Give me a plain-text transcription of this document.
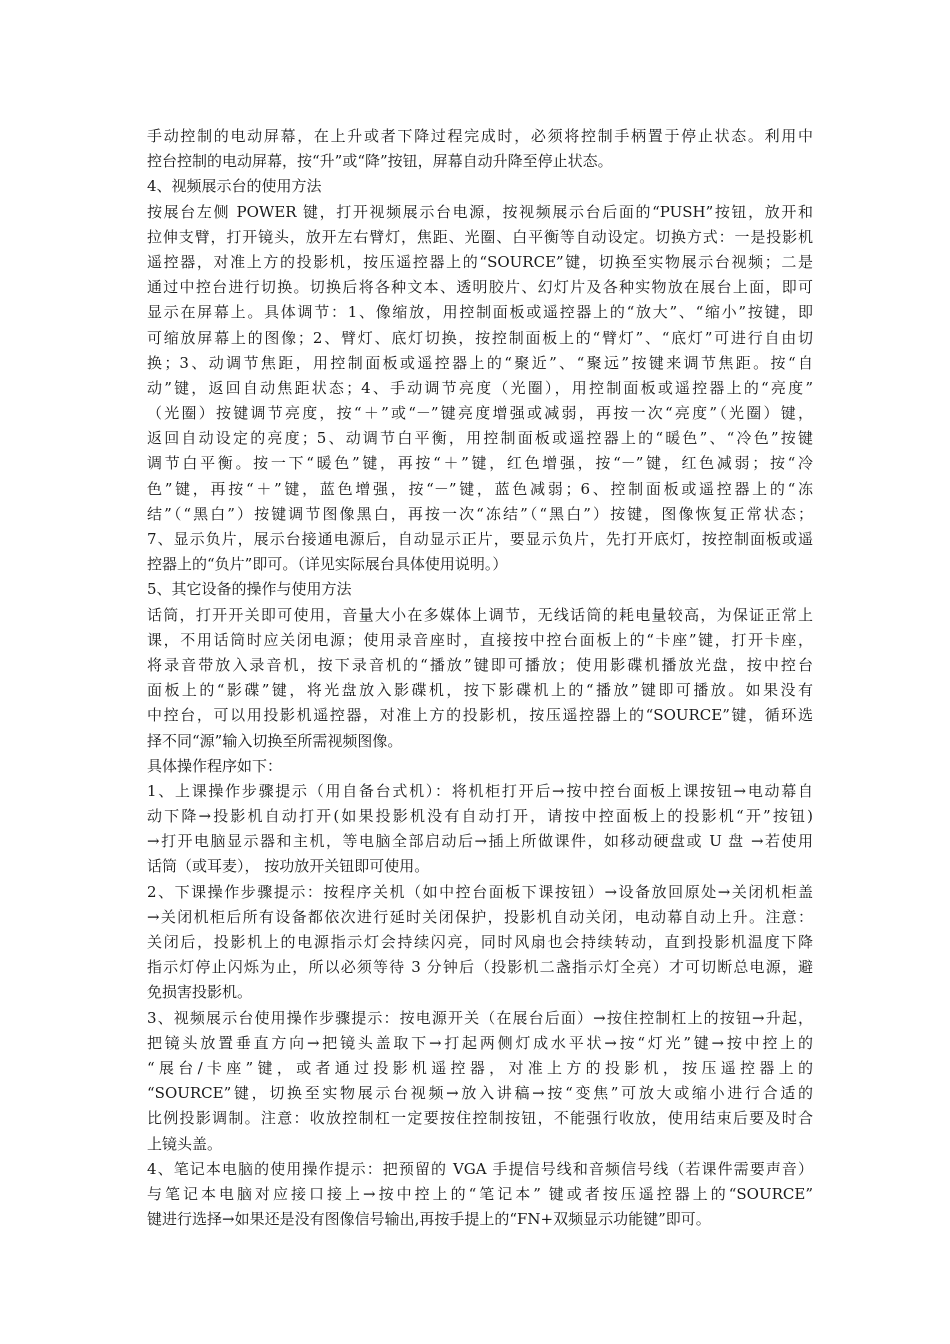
手动控制的电动屏幕，在上升或者下降过程完成时，必须将控制手柄置于停止状态。利用中
控台控制的电动屏幕，按“升”或“降”按钮，屏幕自动升降至停止状态。
4、视频展示台的使用方法
按展台左侧 POWER 键，打开视频展示台电源，按视频展示台后面的“PUSH”按钮，放开和
拉伸支臂，打开镜头，放开左右臂灯，焦距、光圈、白平衡等自动设定。切换方式：一是投影机
遥控器，对准上方的投影机，按压遥控器上的“SOURCE”键，切换至实物展示台视频；二是
通过中控台进行切换。切换后将各种文本、透明胶片、幻灯片及各种实物放在展台上面，即可
显示在屏幕上。具体调节：1、像缩放，用控制面板或遥控器上的“放大”、“缩小”按键，即
可缩放屏幕上的图像；2、臂灯、底灯切换，按控制面板上的“臂灯”、“底灯”可进行自由切
换；3、动调节焦距，用控制面板或遥控器上的“聚近”、“聚远”按键来调节焦距。按“自
动”键，返回自动焦距状态；4、手动调节亮度（光圈），用控制面板或遥控器上的“亮度”
（光圈）按键调节亮度，按“＋”或“－”键亮度增强或减弱，再按一次“亮度”（光圈）键，
返回自动设定的亮度；5、动调节白平衡，用控制面板或遥控器上的“暖色”、“冷色”按键
调节白平衡。按一下“暖色”键，再按“＋”键，红色增强，按“－”键，红色减弱；按“冷
色”键，再按“＋”键，蓝色增强，按“－”键，蓝色减弱；6、控制面板或遥控器上的“冻
结”（“黑白”）按键调节图像黑白，再按一次“冻结”（“黑白”）按键，图像恢复正常状态；
7、显示负片，展示台接通电源后，自动显示正片，要显示负片，先打开底灯，按控制面板或遥
控器上的“负片”即可。（详见实际展台具体使用说明。）
5、其它设备的操作与使用方法
话筒，打开开关即可使用，音量大小在多媒体上调节，无线话筒的耗电量较高，为保证正常上
课，不用话筒时应关闭电源；使用录音座时，直接按中控台面板上的“卡座”键，打开卡座，
将录音带放入录音机，按下录音机的“播放”键即可播放；使用影碟机播放光盘，按中控台
面板上的“影碟”键，将光盘放入影碟机，按下影碟机上的“播放”键即可播放。如果没有
中控台，可以用投影机遥控器，对准上方的投影机，按压遥控器上的“SOURCE”键，循环选
择不同“源”输入切换至所需视频图像。
具体操作程序如下：
1、上课操作步骤提示（用自备台式机）：将机柜打开后→按中控台面板上课按钮→电动幕自
动下降→投影机自动打开(如果投影机没有自动打开，请按中控面板上的投影机“开”按钮)
→打开电脑显示器和主机，等电脑全部启动后→插上所做课件，如移动硬盘或 U 盘 →若使用
话筒（或耳麦）， 按功放开关钮即可使用。
2、下课操作步骤提示：按程序关机（如中控台面板下课按钮）→设备放回原处→关闭机柜盖
→关闭机柜后所有设备都依次进行延时关闭保护，投影机自动关闭，电动幕自动上升。注意：
关闭后，投影机上的电源指示灯会持续闪亮，同时风扇也会持续转动，直到投影机温度下降
指示灯停止闪烁为止，所以必须等待 3 分钟后（投影机二盏指示灯全亮）才可切断总电源，避
免损害投影机。
3、视频展示台使用操作步骤提示：按电源开关（在展台后面）→按住控制杠上的按钮→升起，
把镜头放置垂直方向→把镜头盖取下→打起两侧灯成水平状→按“灯光”键→按中控上的
“展台/卡座”键，或者通过投影机遥控器，对准上方的投影机，按压遥控器上的
“SOURCE”键，切换至实物展示台视频→放入讲稿→按“变焦”可放大或缩小进行合适的
比例投影调制。注意：收放控制杠一定要按住控制按钮，不能强行收放，使用结束后要及时合
上镜头盖。
4、笔记本电脑的使用操作提示：把预留的 VGA 手提信号线和音频信号线（若课件需要声音）
与笔记本电脑对应接口接上→按中控上的“笔记本” 键或者按压遥控器上的“SOURCE”
键进行选择→如果还是没有图像信号输出,再按手提上的“FN+双频显示功能键”即可。
